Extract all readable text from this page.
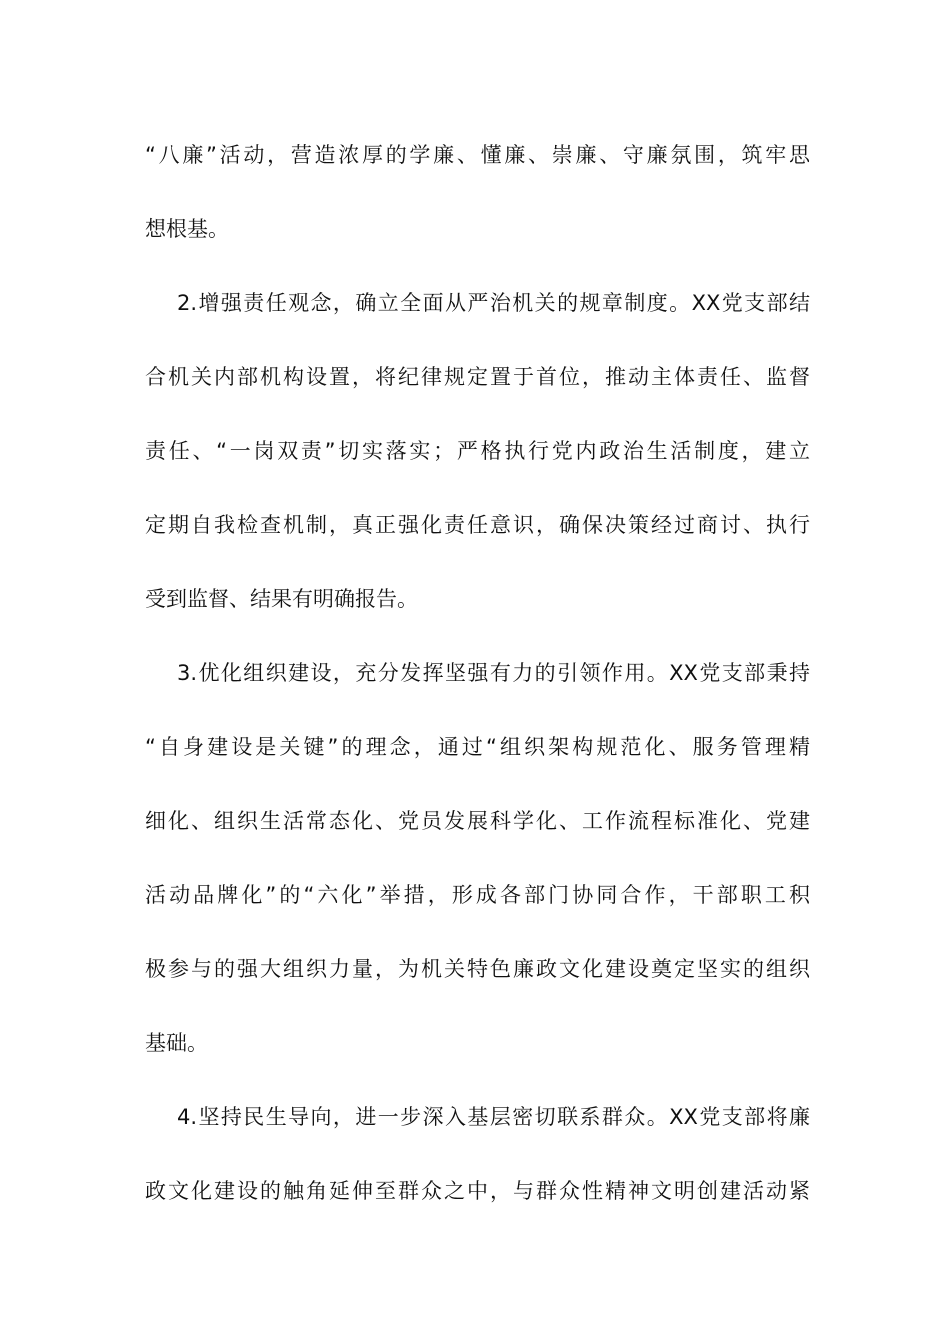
“八廉”活动，营造浓厚的学廉、懂廉、崇廉、守廉氛围，筑牢思
想根基。
2.增强责任观念，确立全面从严治机关的规章制度。XX党支部结
合机关内部机构设置，将纪律规定置于首位，推动主体责任、监督
责任、“一岗双责”切实落实；严格执行党内政治生活制度，建立
定期自我检查机制，真正强化责任意识，确保决策经过商讨、执行
受到监督、结果有明确报告。
3.优化组织建设，充分发挥坚强有力的引领作用。XX党支部秉持
“自身建设是关键”的理念，通过“组织架构规范化、服务管理精
细化、组织生活常态化、党员发展科学化、工作流程标准化、党建
活动品牌化”的“六化”举措，形成各部门协同合作，干部职工积
极参与的强大组织力量，为机关特色廉政文化建设奠定坚实的组织
基础。
4.坚持民生导向，进一步深入基层密切联系群众。XX党支部将廉
政文化建设的触角延伸至群众之中，与群众性精神文明创建活动紧
